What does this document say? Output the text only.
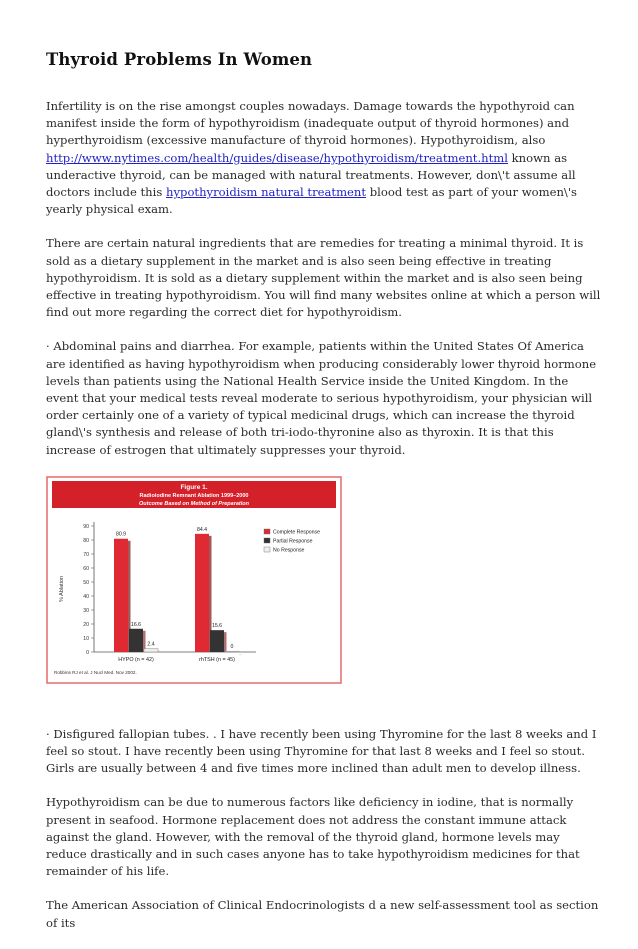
Thyroid Problems In Women

Infertility is on the rise amongst couples nowadays. Damage towards the hypothyroid can manifest inside the form of hypothyroidism (inadequate output of thyroid hormones) and hyperthyroidism (excessive manufacture of thyroid hormones). Hypothyroidism, also http://www.nytimes.com/health/guides/disease/hypothyroidism/treatment.html known as underactive thyroid, can be managed with natural treatments. However, don\'t assume all doctors include this hypothyroidism natural treatment blood test as part of your women\'s yearly physical exam.

There are certain natural ingredients that are remedies for treating a minimal thyroid. It is sold as a dietary supplement in the market and is also seen being effective in treating hypothyroidism. It is sold as a dietary supplement within the market and is also seen being effective in treating hypothyroidism. You will find many websites online at which a person will find out more regarding the correct diet for hypothyroidism.

· Abdominal pains and diarrhea. For example, patients within the United States Of America are identified as having hypothyroidism when producing considerably lower thyroid hormone levels than patients using the National Health Service inside the United Kingdom. In the event that your medical tests reveal moderate to serious hypothyroidism, your physician will order certainly one of a variety of typical medicinal drugs, which can increase the thyroid gland\'s synthesis and release of both tri-iodo-thyronine also as thyroxin. It is that this increase of estrogen that ultimately suppresses your thyroid.

Figure 1.
Radioiodine Remnant Ablation 1999–2000
Outcome Based on Method of Preparation
% Ablation
0
10
20
30
40
50
60
70
80
90
80.9
16.6
2.4
HYPO (n = 42)
84.4
15.6
0
rhTSH (n = 45)
Complete Response
Partial Response
No Response
Robbins RJ et al. J Nucl Med. Nov 2002.

· Disfigured fallopian tubes. . I have recently been using Thyromine for the last 8 weeks and I feel so stout. I have recently been using Thyromine for that last 8 weeks and I feel so stout. Girls are usually between 4 and five times more inclined than adult men to develop illness.

Hypothyroidism can be due to numerous factors like deficiency in iodine, that is normally present in seafood. Hormone replacement does not address the constant immune attack against the gland. However, with the removal of the thyroid gland, hormone levels may reduce drastically and in such cases anyone has to take hypothyroidism medicines for that remainder of his life.

The American Association of Clinical Endocrinologists d a new self-assessment tool as section of its
